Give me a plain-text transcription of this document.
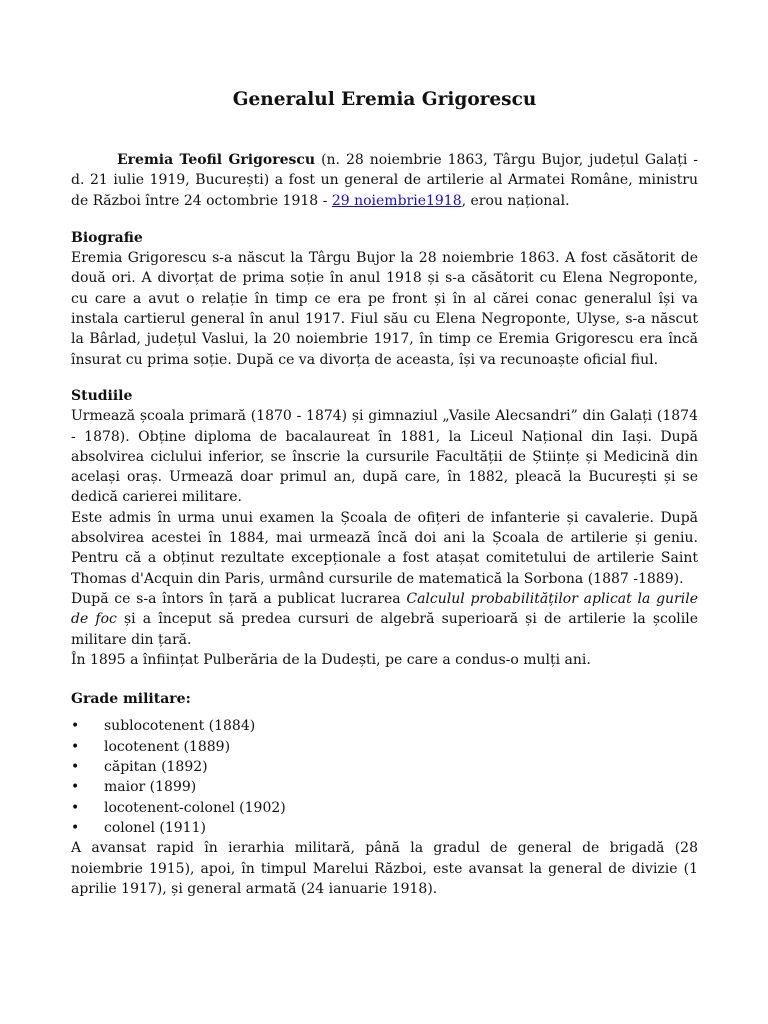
Generalul Eremia Grigorescu

Eremia Teofil Grigorescu (n. 28 noiembrie 1863, Târgu Bujor, județul Galați - d. 21 iulie 1919, București) a fost un general de artilerie al Armatei Române, ministru de Război între 24 octombrie 1918 - 29 noiembrie1918, erou național.

Biografie

Eremia Grigorescu s-a născut la Târgu Bujor la 28 noiembrie 1863. A fost căsătorit de două ori. A divorțat de prima soție în anul 1918 și s-a căsătorit cu Elena Negroponte, cu care a avut o relație în timp ce era pe front și în al cărei conac generalul își va instala cartierul general în anul 1917. Fiul său cu Elena Negroponte, Ulyse, s-a născut la Bârlad, județul Vaslui, la 20 noiembrie 1917, în timp ce Eremia Grigorescu era încă însurat cu prima soție. După ce va divorța de aceasta, își va recunoaște oficial fiul.

Studiile

Urmează școala primară (1870 - 1874) și gimnaziul „Vasile Alecsandri” din Galați (1874 - 1878). Obține diploma de bacalaureat în 1881, la Liceul Național din Iași. După absolvirea ciclului inferior, se înscrie la cursurile Facultății de Științe și Medicină din același oraș. Urmează doar primul an, după care, în 1882, pleacă la București și se dedică carierei militare.

Este admis în urma unui examen la Școala de ofițeri de infanterie și cavalerie. După absolvirea acestei în 1884, mai urmează încă doi ani la Școala de artilerie și geniu. Pentru că a obținut rezultate excepționale a fost atașat comitetului de artilerie Saint Thomas d'Acquin din Paris, urmând cursurile de matematică la Sorbona (1887 -1889).

După ce s-a întors în țară a publicat lucrarea Calculul probabilităților aplicat la gurile de foc și a început să predea cursuri de algebră superioară și de artilerie la școlile militare din țară.

În 1895 a înființat Pulberăria de la Dudești, pe care a condus-o mulți ani.

Grade militare:

• sublocotenent (1884)
• locotenent (1889)
• căpitan (1892)
• maior (1899)
• locotenent-colonel (1902)
• colonel (1911)

A avansat rapid în ierarhia militară, până la gradul de general de brigadă (28 noiembrie 1915), apoi, în timpul Marelui Război, este avansat la general de divizie (1 aprilie 1917), și general armată (24 ianuarie 1918).
